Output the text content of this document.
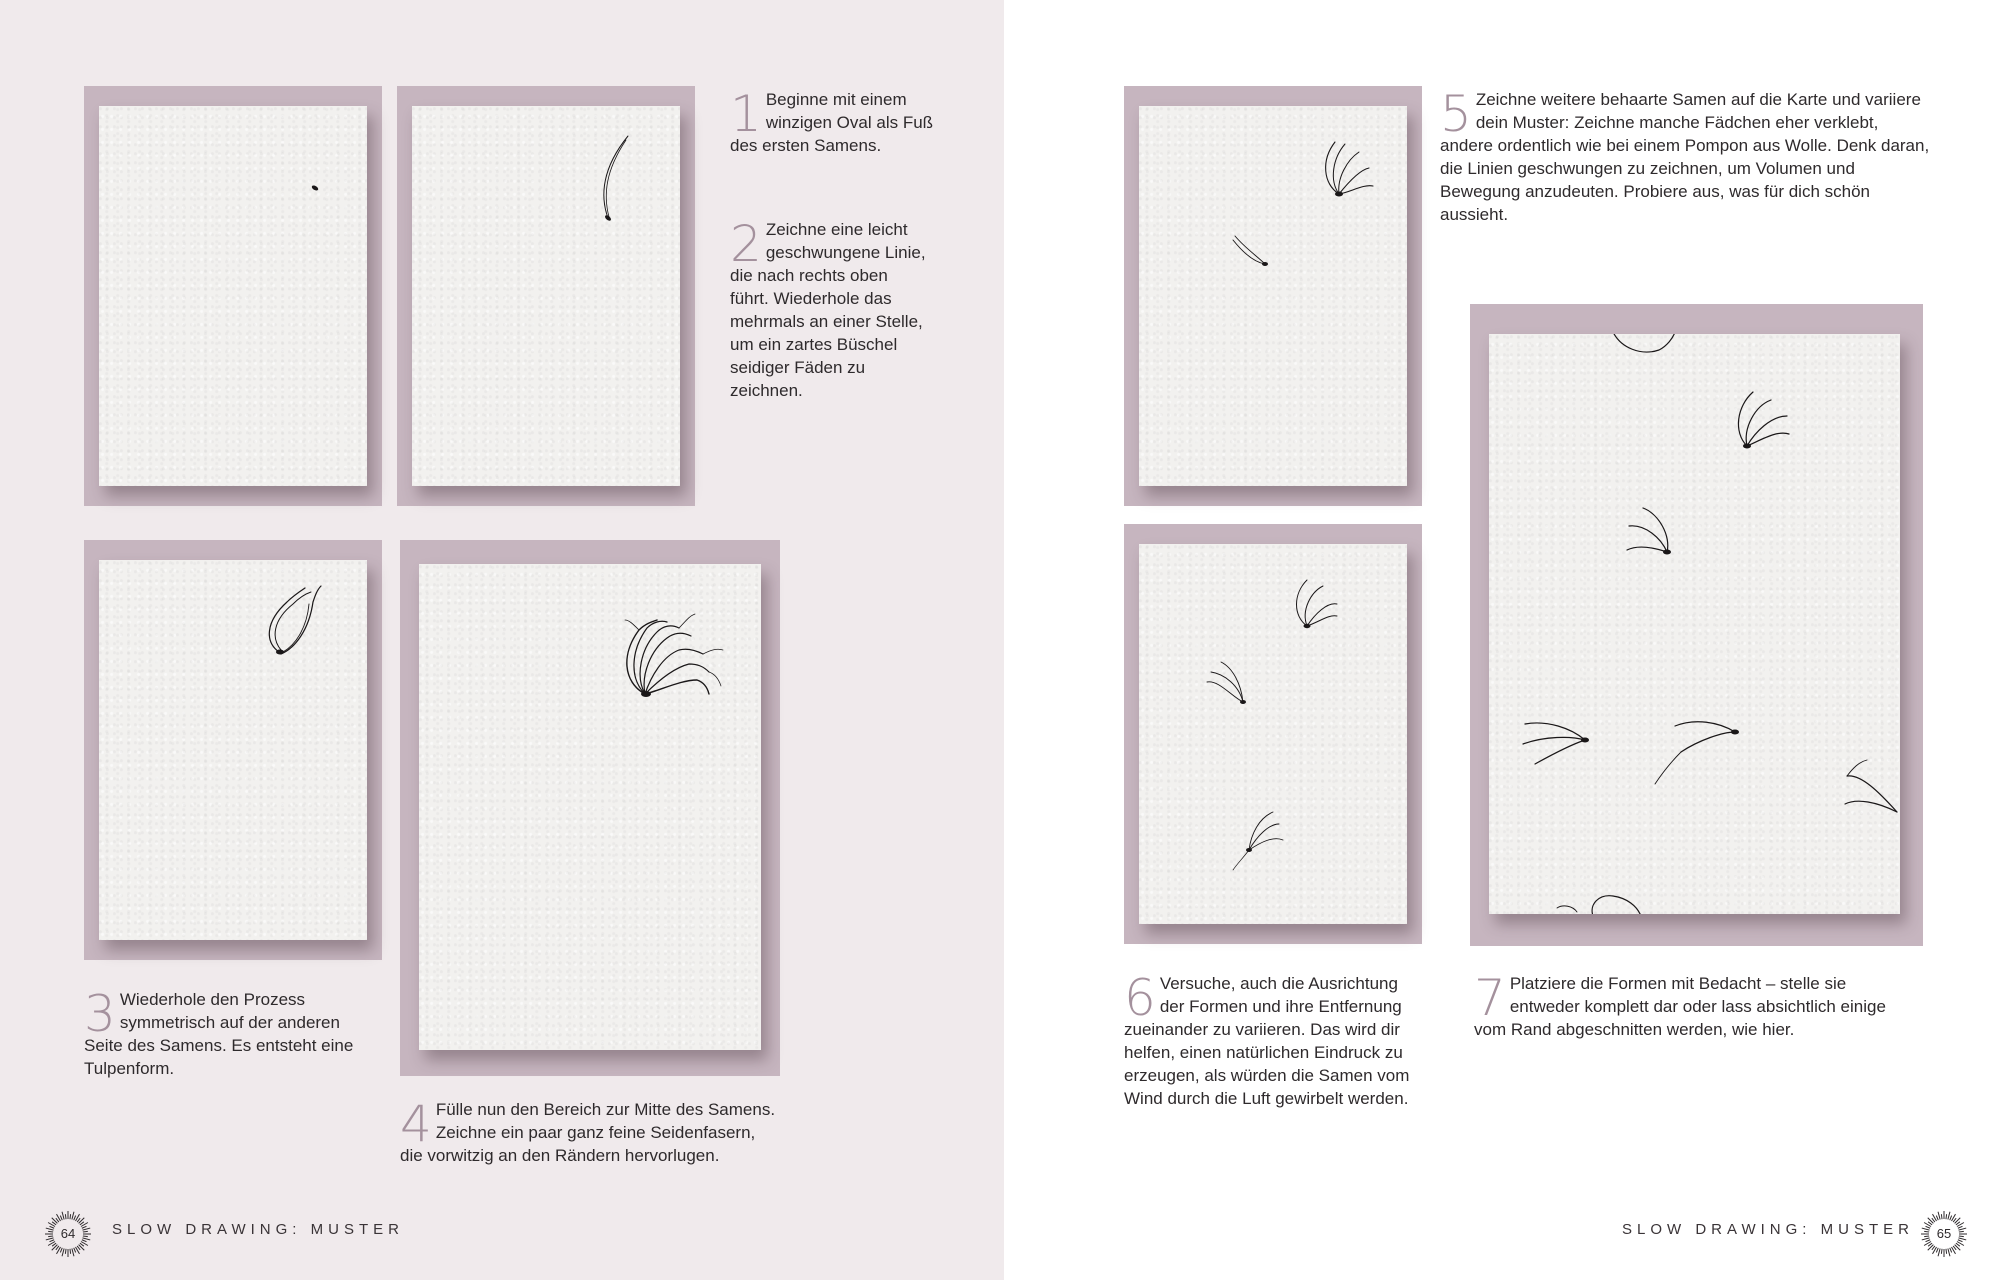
1 Beginne mit einem winzigen Oval als Fuß des ersten Samens.
2 Zeichne eine leicht geschwungene Linie, die nach rechts oben führt. Wiederhole das mehrmals an einer Stelle, um ein zartes Büschel seidiger Fäden zu zeichnen.
3 Wiederhole den Prozess symmetrisch auf der anderen Seite des Samens. Es entsteht eine Tulpenform.
4 Fülle nun den Bereich zur Mitte des Samens. Zeichne ein paar ganz feine Seidenfasern, die vorwitzig an den Rändern hervorlugen.
64	SLOW DRAWING: MUSTER
5 Zeichne weitere behaarte Samen auf die Karte und variiere dein Muster: Zeichne manche Fädchen eher verklebt, andere ordentlich wie bei einem Pompon aus Wolle. Denk daran, die Linien geschwungen zu zeichnen, um Volumen und Bewegung anzudeuten. Probiere aus, was für dich schön aussieht.
6 Versuche, auch die Ausrichtung der Formen und ihre Entfernung zueinander zu variieren. Das wird dir helfen, einen natürlichen Eindruck zu erzeugen, als würden die Samen vom Wind durch die Luft gewirbelt werden.
7 Platziere die Formen mit Bedacht – stelle sie entweder komplett dar oder lass absichtlich einige vom Rand abgeschnitten werden, wie hier.
SLOW DRAWING: MUSTER	65
